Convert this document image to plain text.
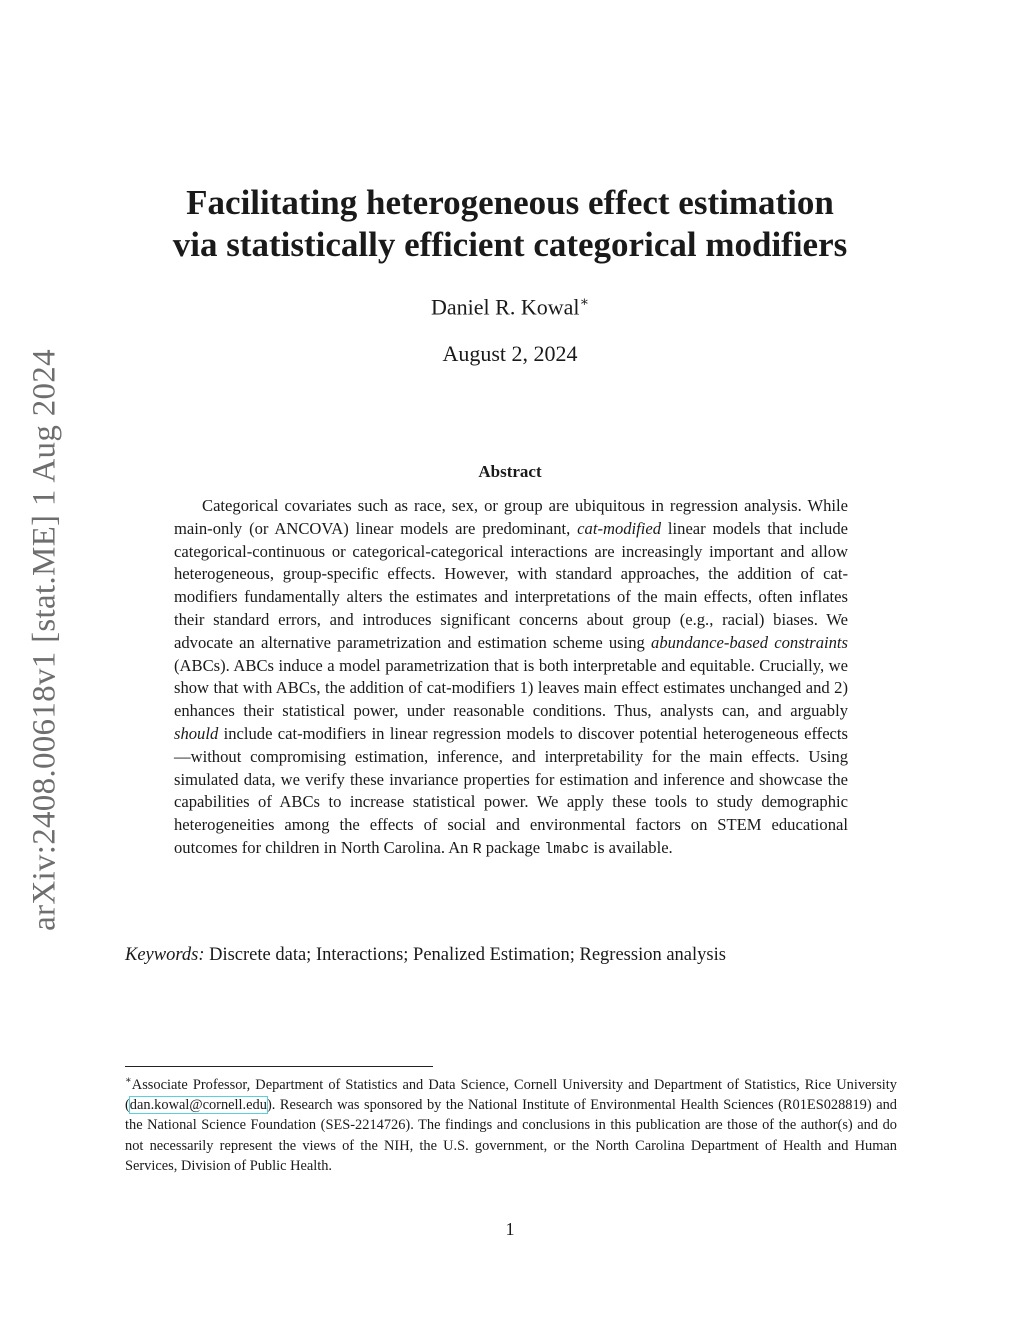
arXiv:2408.00618v1 [stat.ME] 1 Aug 2024
Facilitating heterogeneous effect estimation
via statistically efficient categorical modifiers
Daniel R. Kowal∗
August 2, 2024
Abstract

Categorical covariates such as race, sex, or group are ubiquitous in regression analysis. While main-only (or ANCOVA) linear models are predominant, cat-modified linear models that include categorical-continuous or categorical-categorical interactions are increasingly important and allow heterogeneous, group-specific effects. However, with standard approaches, the addition of cat-modifiers fundamentally alters the estimates and interpretations of the main effects, often inflates their standard errors, and introduces significant concerns about group (e.g., racial) biases. We advocate an alternative parametrization and estimation scheme using abundance-based constraints (ABCs). ABCs induce a model parametrization that is both interpretable and equitable. Crucially, we show that with ABCs, the addition of cat-modifiers 1) leaves main effect estimates unchanged and 2) enhances their statistical power, under reasonable conditions. Thus, analysts can, and arguably should include cat-modifiers in linear regression models to discover potential heterogeneous effects—without compromising estimation, inference, and interpretability for the main effects. Using simulated data, we verify these invariance properties for estimation and inference and showcase the capabilities of ABCs to increase statistical power. We apply these tools to study demographic heterogeneities among the effects of social and environmental factors on STEM educational outcomes for children in North Carolina. An R package lmabc is available.

Keywords: Discrete data; Interactions; Penalized Estimation; Regression analysis

∗Associate Professor, Department of Statistics and Data Science, Cornell University and Department of Statistics, Rice University (dan.kowal@cornell.edu). Research was sponsored by the National Institute of Environmental Health Sciences (R01ES028819) and the National Science Foundation (SES-2214726). The findings and conclusions in this publication are those of the author(s) and do not necessarily represent the views of the NIH, the U.S. government, or the North Carolina Department of Health and Human Services, Division of Public Health.

1
